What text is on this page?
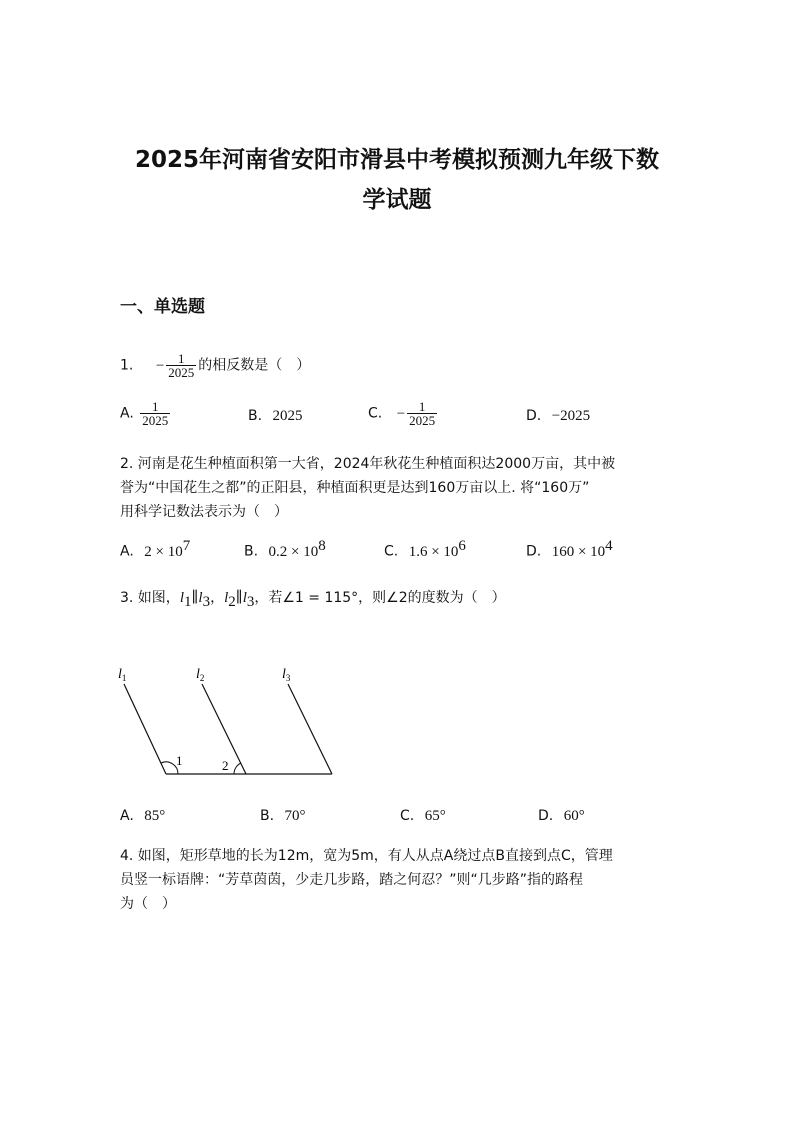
2025年河南省安阳市滑县中考模拟预测九年级下数
学试题
一、单选题
1. − $\frac{1}{2025}$ 的相反数是（　）
A. $\frac{1}{2025}$	B. 2025	C. − $\frac{1}{2025}$	D. −2025
2. 河南是花生种植面积第一大省，2024年秋花生种植面积达2000万亩，其中被
誉为“中国花生之都”的正阳县，种植面积更是达到160万亩以上. 将“160万”
用科学记数法表示为（　）
A. $2 \times 10^7$	B. $0.2 \times 10^8$	C. $1.6 \times 10^6$	D. $160 \times 10^4$
3. 如图，$l_1\parallel l_3$，$l_2\parallel l_3$，若∠1 = 115°，则∠2的度数为（　）
$l_1$	$l_2$	$l_3$
1	2
A. 85°	B. 70°	C. 65°	D. 60°
4. 如图，矩形草地的长为12m，宽为5m，有人从点A绕过点B直接到点C，管理
员竖一标语牌：“芳草茵茵，少走几步路，踏之何忍？”则“几步路”指的路程
为（　）
